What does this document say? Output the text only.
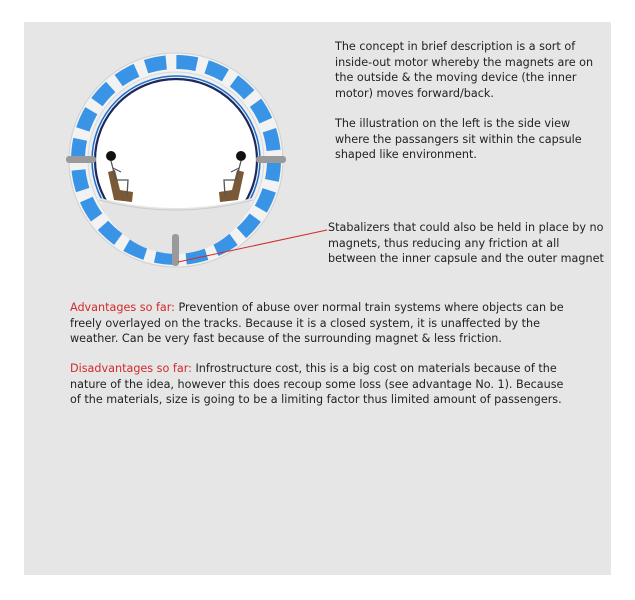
The concept in brief description is a sort of inside-out motor whereby the magnets are on the outside & the moving device (the inner motor) moves forward/back.
The illustration on the left is the side view where the passangers sit within the capsule shaped like environment.
Stabalizers that could also be held in place by no magnets, thus reducing any friction at all between the inner capsule and the outer magnet
Advantages so far: Prevention of abuse over normal train systems where objects can be freely overlayed on the tracks. Because it is a closed system, it is unaffected by the weather. Can be very fast because of the surrounding magnet & less friction.
Disadvantages so far: Infrostructure cost, this is a big cost on materials because of the nature of the idea, however this does recoup some loss (see advantage No. 1). Because of the materials, size is going to be a limiting factor thus limited amount of passengers.
